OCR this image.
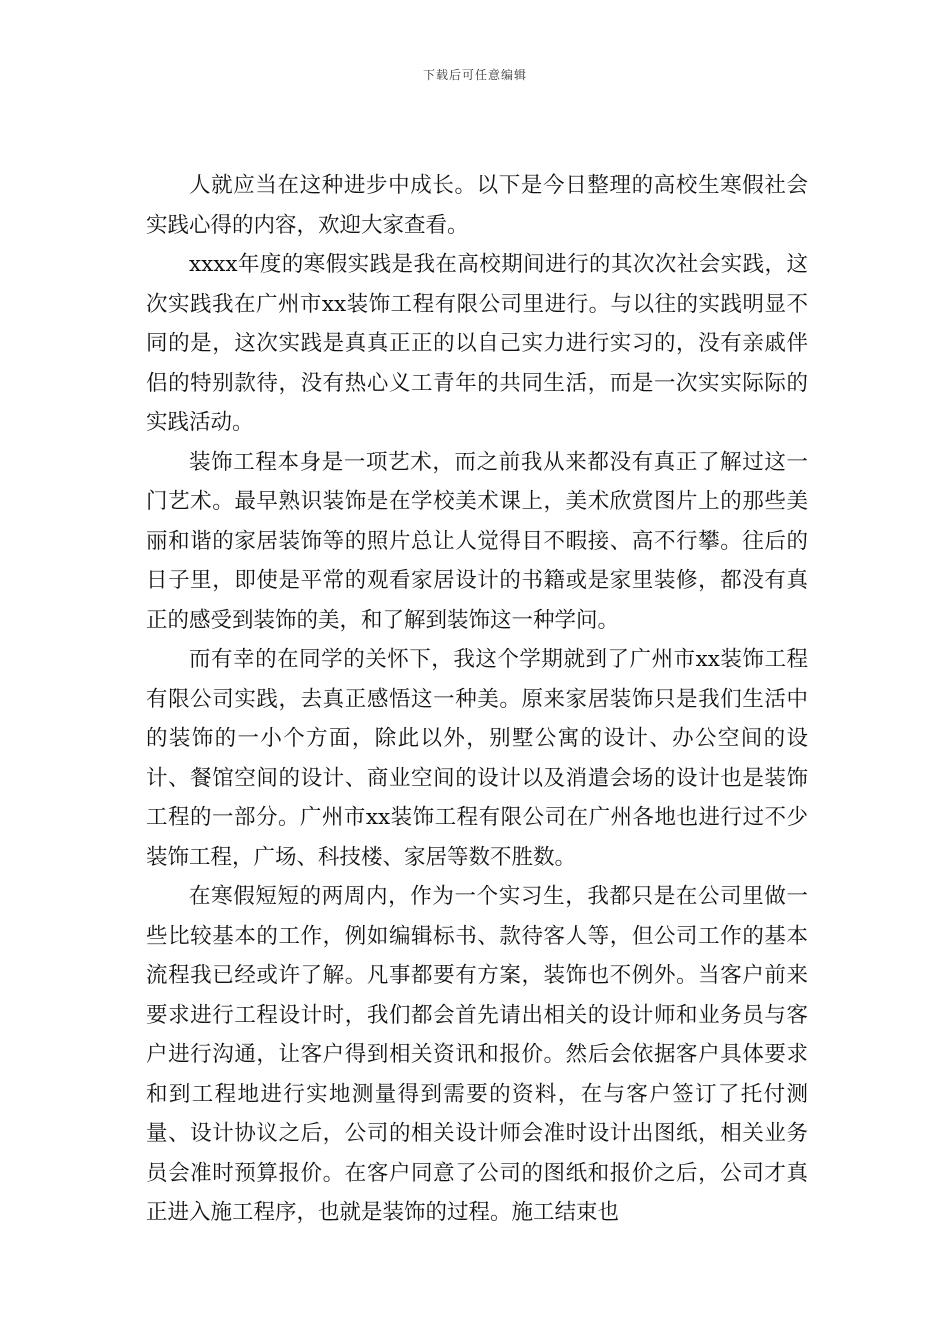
下载后可任意编辑

人就应当在这种进步中成长。以下是今日整理的高校生寒假社会实践心得的内容，欢迎大家查看。

xxxx年度的寒假实践是我在高校期间进行的其次次社会实践，这次实践我在广州市xx装饰工程有限公司里进行。与以往的实践明显不同的是，这次实践是真真正正的以自己实力进行实习的，没有亲戚伴侣的特别款待，没有热心义工青年的共同生活，而是一次实实际际的实践活动。

装饰工程本身是一项艺术，而之前我从来都没有真正了解过这一门艺术。最早熟识装饰是在学校美术课上，美术欣赏图片上的那些美丽和谐的家居装饰等的照片总让人觉得目不暇接、高不行攀。往后的日子里，即使是平常的观看家居设计的书籍或是家里装修，都没有真正的感受到装饰的美，和了解到装饰这一种学问。

而有幸的在同学的关怀下，我这个学期就到了广州市xx装饰工程有限公司实践，去真正感悟这一种美。原来家居装饰只是我们生活中的装饰的一小个方面，除此以外，别墅公寓的设计、办公空间的设计、餐馆空间的设计、商业空间的设计以及消遣会场的设计也是装饰工程的一部分。广州市xx装饰工程有限公司在广州各地也进行过不少装饰工程，广场、科技楼、家居等数不胜数。

在寒假短短的两周内，作为一个实习生，我都只是在公司里做一些比较基本的工作，例如编辑标书、款待客人等，但公司工作的基本流程我已经或许了解。凡事都要有方案，装饰也不例外。当客户前来要求进行工程设计时，我们都会首先请出相关的设计师和业务员与客户进行沟通，让客户得到相关资讯和报价。然后会依据客户具体要求和到工程地进行实地测量得到需要的资料，在与客户签订了托付测量、设计协议之后，公司的相关设计师会准时设计出图纸，相关业务员会准时预算报价。在客户同意了公司的图纸和报价之后，公司才真正进入施工程序，也就是装饰的过程。施工结束也
